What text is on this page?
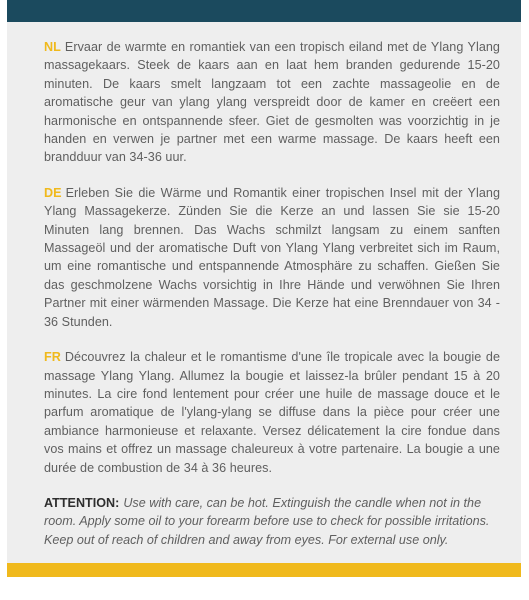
NL Ervaar de warmte en romantiek van een tropisch eiland met de Ylang Ylang massagekaars. Steek de kaars aan en laat hem branden gedurende 15-20 minuten. De kaars smelt langzaam tot een zachte massageolie en de aromatische geur van ylang ylang verspreidt door de kamer en creëert een harmonische en ontspannende sfeer. Giet de gesmolten was voorzichtig in je handen en verwen je partner met een warme massage. De kaars heeft een brandduur van 34-36 uur.

DE Erleben Sie die Wärme und Romantik einer tropischen Insel mit der Ylang Ylang Massagekerze. Zünden Sie die Kerze an und lassen Sie sie 15-20 Minuten lang brennen. Das Wachs schmilzt langsam zu einem sanften Massageöl und der aromatische Duft von Ylang Ylang verbreitet sich im Raum, um eine romantische und entspannende Atmosphäre zu schaffen. Gießen Sie das geschmolzene Wachs vorsichtig in Ihre Hände und verwöhnen Sie Ihren Partner mit einer wärmenden Massage. Die Kerze hat eine Brenndauer von 34 - 36 Stunden.

FR Découvrez la chaleur et le romantisme d'une île tropicale avec la bougie de massage Ylang Ylang. Allumez la bougie et laissez-la brûler pendant 15 à 20 minutes. La cire fond lentement pour créer une huile de massage douce et le parfum aromatique de l'ylang-ylang se diffuse dans la pièce pour créer une ambiance harmonieuse et relaxante. Versez délicatement la cire fondue dans vos mains et offrez un massage chaleureux à votre partenaire. La bougie a une durée de combustion de 34 à 36 heures.

ATTENTION: Use with care, can be hot. Extinguish the candle when not in the room. Apply some oil to your forearm before use to check for possible irritations. Keep out of reach of children and away from eyes. For external use only.
